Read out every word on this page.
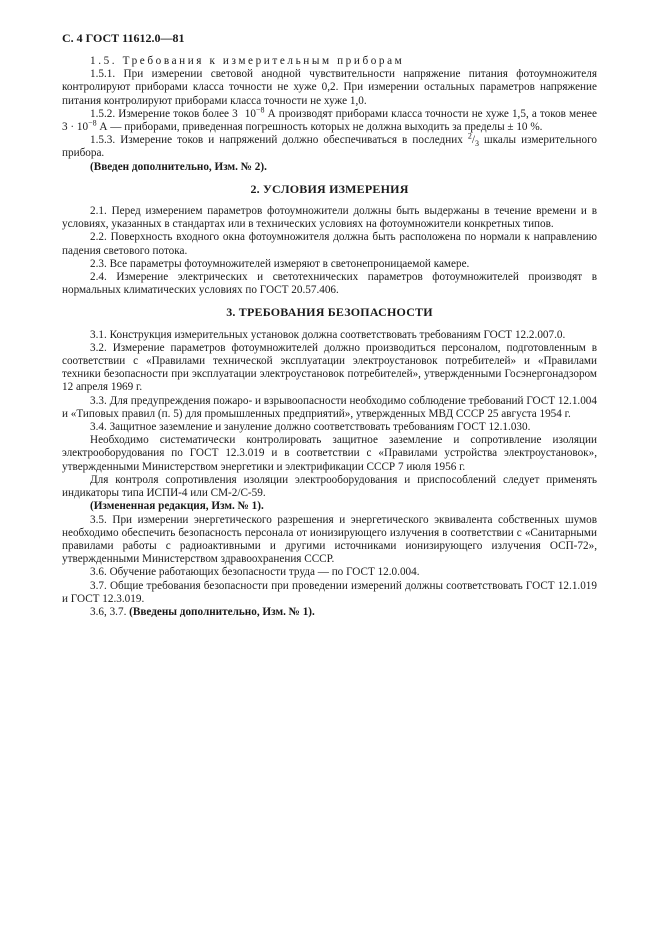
С. 4 ГОСТ 11612.0—81

1.5. Требования к измерительным приборам

1.5.1. При измерении световой анодной чувствительности напряжение питания фотоумножителя контролируют приборами класса точности не хуже 0,2. При измерении остальных параметров напряжение питания контролируют приборами класса точности не хуже 1,0.

1.5.2. Измерение токов более 3 $10^{-8}$ А производят приборами класса точности не хуже 1,5, а токов менее $3 \cdot 10^{-8}$ А — приборами, приведенная погрешность которых не должна выходить за пределы ± 10 %.

1.5.3. Измерение токов и напряжений должно обеспечиваться в последних $^2/_3$ шкалы измерительного прибора.

(Введен дополнительно, Изм. № 2).

2. УСЛОВИЯ ИЗМЕРЕНИЯ

2.1. Перед измерением параметров фотоумножители должны быть выдержаны в течение времени и в условиях, указанных в стандартах или в технических условиях на фотоумножители конкретных типов.

2.2. Поверхность входного окна фотоумножителя должна быть расположена по нормали к направлению падения светового потока.

2.3. Все параметры фотоумножителей измеряют в светонепроницаемой камере.

2.4. Измерение электрических и светотехнических параметров фотоумножителей производят в нормальных климатических условиях по ГОСТ 20.57.406.

3. ТРЕБОВАНИЯ БЕЗОПАСНОСТИ

3.1. Конструкция измерительных установок должна соответствовать требованиям ГОСТ 12.2.007.0.

3.2. Измерение параметров фотоумножителей должно производиться персоналом, подготовленным в соответствии с «Правилами технической эксплуатации электроустановок потребителей» и «Правилами техники безопасности при эксплуатации электроустановок потребителей», утвержденными Госэнергонадзором 12 апреля 1969 г.

3.3. Для предупреждения пожаро- и взрывоопасности необходимо соблюдение требований ГОСТ 12.1.004 и «Типовых правил (п. 5) для промышленных предприятий», утвержденных МВД СССР 25 августа 1954 г.

3.4. Защитное заземление и зануление должно соответствовать требованиям ГОСТ 12.1.030.

Необходимо систематически контролировать защитное заземление и сопротивление изоляции электрооборудования по ГОСТ 12.3.019 и в соответствии с «Правилами устройства электроустановок», утвержденными Министерством энергетики и электрификации СССР 7 июля 1956 г.

Для контроля сопротивления изоляции электрооборудования и приспособлений следует применять индикаторы типа ИСПИ-4 или СМ-2/С-59.

(Измененная редакция, Изм. № 1).

3.5. При измерении энергетического разрешения и энергетического эквивалента собственных шумов необходимо обеспечить безопасность персонала от ионизирующего излучения в соответствии с «Санитарными правилами работы с радиоактивными и другими источниками ионизирующего излучения ОСП-72», утвержденными Министерством здравоохранения СССР.

3.6. Обучение работающих безопасности труда — по ГОСТ 12.0.004.

3.7. Общие требования безопасности при проведении измерений должны соответствовать ГОСТ 12.1.019 и ГОСТ 12.3.019.

3.6, 3.7. (Введены дополнительно, Изм. № 1).
